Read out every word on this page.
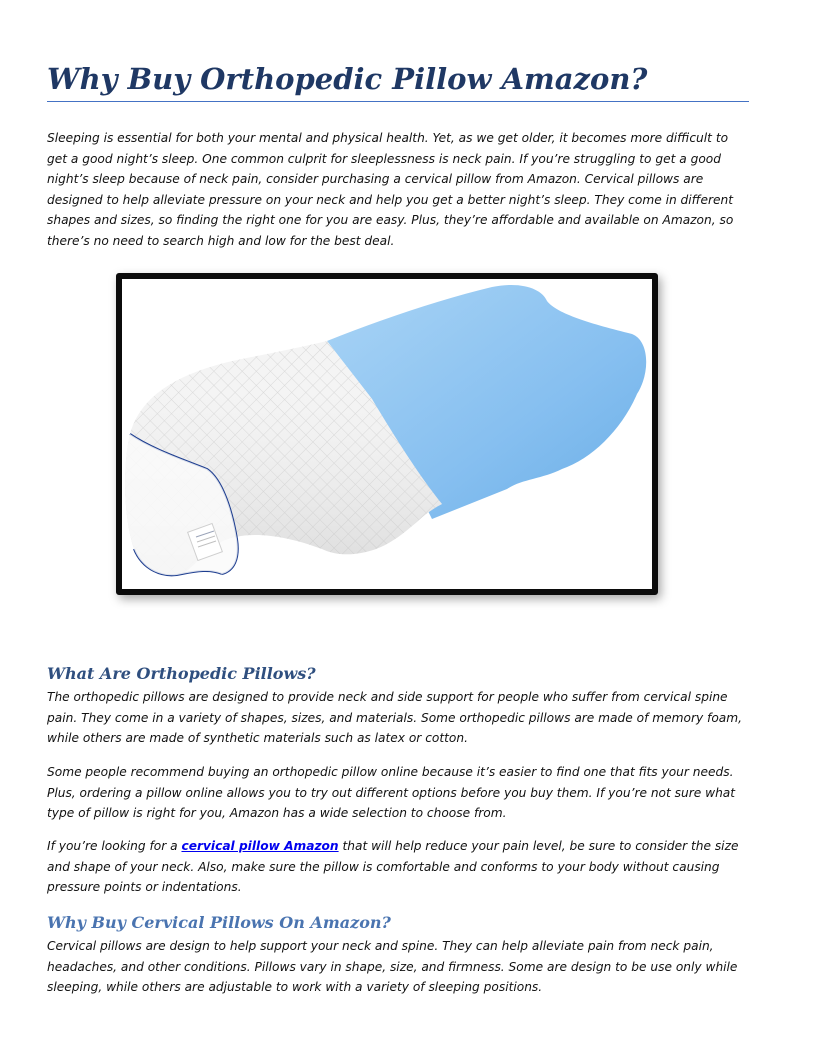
Why Buy Orthopedic Pillow Amazon?

Sleeping is essential for both your mental and physical health. Yet, as we get older, it becomes more difficult to get a good night’s sleep. One common culprit for sleeplessness is neck pain. If you’re struggling to get a good night’s sleep because of neck pain, consider purchasing a cervical pillow from Amazon. Cervical pillows are designed to help alleviate pressure on your neck and help you get a better night’s sleep. They come in different shapes and sizes, so finding the right one for you are easy. Plus, they’re affordable and available on Amazon, so there’s no need to search high and low for the best deal.

What Are Orthopedic Pillows?

The orthopedic pillows are designed to provide neck and side support for people who suffer from cervical spine pain. They come in a variety of shapes, sizes, and materials. Some orthopedic pillows are made of memory foam, while others are made of synthetic materials such as latex or cotton.

Some people recommend buying an orthopedic pillow online because it’s easier to find one that fits your needs. Plus, ordering a pillow online allows you to try out different options before you buy them. If you’re not sure what type of pillow is right for you, Amazon has a wide selection to choose from.

If you’re looking for a cervical pillow Amazon that will help reduce your pain level, be sure to consider the size and shape of your neck. Also, make sure the pillow is comfortable and conforms to your body without causing pressure points or indentations.

Why Buy Cervical Pillows On Amazon?

Cervical pillows are design to help support your neck and spine. They can help alleviate pain from neck pain, headaches, and other conditions. Pillows vary in shape, size, and firmness. Some are design to be use only while sleeping, while others are adjustable to work with a variety of sleeping positions.
